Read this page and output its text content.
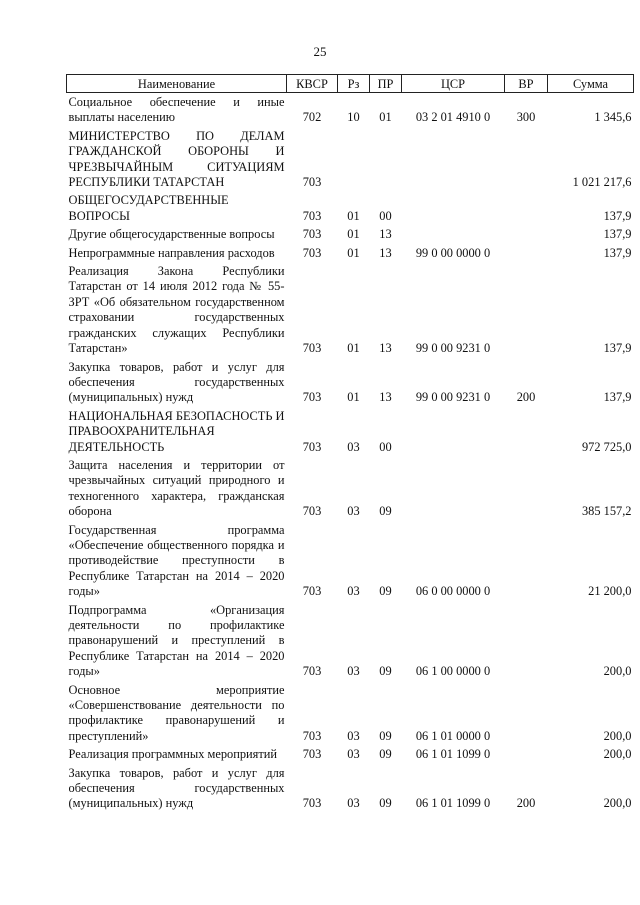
25
Наименование	КВСР	Рз	ПР	ЦСР	ВР	Сумма
Социальное обеспечение и иные выплаты населению	702	10	01	03 2 01 4910 0	300	1 345,6
МИНИСТЕРСТВО ПО ДЕЛАМ ГРАЖДАНСКОЙ ОБОРОНЫ И ЧРЕЗВЫЧАЙНЫМ СИТУАЦИЯМ РЕСПУБЛИКИ ТАТАРСТАН	703					1 021 217,6
ОБЩЕГОСУДАРСТВЕННЫЕ ВОПРОСЫ	703	01	00			137,9
Другие общегосударственные вопросы	703	01	13			137,9
Непрограммные направления расходов	703	01	13	99 0 00 0000 0		137,9
Реализация Закона Республики Татарстан от 14 июля 2012 года № 55-ЗРТ «Об обязательном государственном страховании государственных гражданских служащих Республики Татарстан»	703	01	13	99 0 00 9231 0		137,9
Закупка товаров, работ и услуг для обеспечения государственных (муниципальных) нужд	703	01	13	99 0 00 9231 0	200	137,9
НАЦИОНАЛЬНАЯ БЕЗОПАСНОСТЬ И ПРАВООХРАНИТЕЛЬНАЯ ДЕЯТЕЛЬНОСТЬ	703	03	00			972 725,0
Защита населения и территории от чрезвычайных ситуаций природного и техногенного характера, гражданская оборона	703	03	09			385 157,2
Государственная программа «Обеспечение общественного порядка и противодействие преступности в Республике Татарстан на 2014 – 2020 годы»	703	03	09	06 0 00 0000 0		21 200,0
Подпрограмма «Организация деятельности по профилактике правонарушений и преступлений в Республике Татарстан на 2014 – 2020 годы»	703	03	09	06 1 00 0000 0		200,0
Основное мероприятие «Совершенствование деятельности по профилактике правонарушений и преступлений»	703	03	09	06 1 01 0000 0		200,0
Реализация программных мероприятий	703	03	09	06 1 01 1099 0		200,0
Закупка товаров, работ и услуг для обеспечения государственных (муниципальных) нужд	703	03	09	06 1 01 1099 0	200	200,0
